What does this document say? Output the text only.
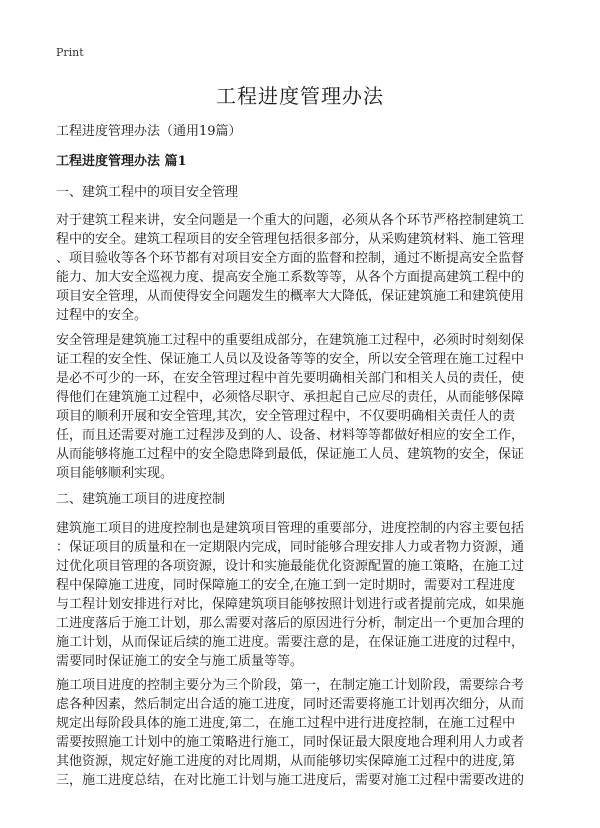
Print
工程进度管理办法
工程进度管理办法（通用19篇）
工程进度管理办法 篇1
一、建筑工程中的项目安全管理
对于建筑工程来讲，安全问题是一个重大的问题，必须从各个环节严格控制建筑工
程中的安全。建筑工程项目的安全管理包括很多部分，从采购建筑材料、施工管理
、项目验收等各个环节都有对项目安全方面的监督和控制，通过不断提高安全监督
能力、加大安全巡视力度、提高安全施工系数等等，从各个方面提高建筑工程中的
项目安全管理，从而使得安全问题发生的概率大大降低，保证建筑施工和建筑使用
过程中的安全。
安全管理是建筑施工过程中的重要组成部分，在建筑施工过程中，必须时时刻刻保
证工程的安全性、保证施工人员以及设备等等的安全，所以安全管理在施工过程中
是必不可少的一环，在安全管理过程中首先要明确相关部门和相关人员的责任，使
得他们在建筑施工过程中，必须恪尽职守、承担起自己应尽的责任，从而能够保障
项目的顺利开展和安全管理,其次，安全管理过程中，不仅要明确相关责任人的责
任，而且还需要对施工过程涉及到的人、设备、材料等等都做好相应的安全工作，
从而能够将施工过程中的安全隐患降到最低，保证施工人员、建筑物的安全，保证
项目能够顺利实现。
二、建筑施工项目的进度控制
建筑施工项目的进度控制也是建筑项目管理的重要部分，进度控制的内容主要包括
：保证项目的质量和在一定期限内完成，同时能够合理安排人力或者物力资源，通
过优化项目管理的各项资源，设计和实施最能优化资源配置的施工策略，在施工过
程中保障施工进度，同时保障施工的安全,在施工到一定时期时，需要对工程进度
与工程计划安排进行对比，保障建筑项目能够按照计划进行或者提前完成，如果施
工进度落后于施工计划，那么需要对落后的原因进行分析，制定出一个更加合理的
施工计划，从而保证后续的施工进度。需要注意的是，在保证施工进度的过程中，
需要同时保证施工的安全与施工质量等等。
施工项目进度的控制主要分为三个阶段，第一，在制定施工计划阶段，需要综合考
虑各种因素，然后制定出合适的施工进度，同时还需要将施工计划再次细分，从而
规定出每阶段具体的施工进度,第二，在施工过程中进行进度控制，在施工过程中
需要按照施工计划中的施工策略进行施工，同时保证最大限度地合理利用人力或者
其他资源，规定好施工进度的对比周期，从而能够切实保障施工过程中的进度,第
三，施工进度总结，在对比施工计划与施工进度后，需要对施工过程中需要改进的
